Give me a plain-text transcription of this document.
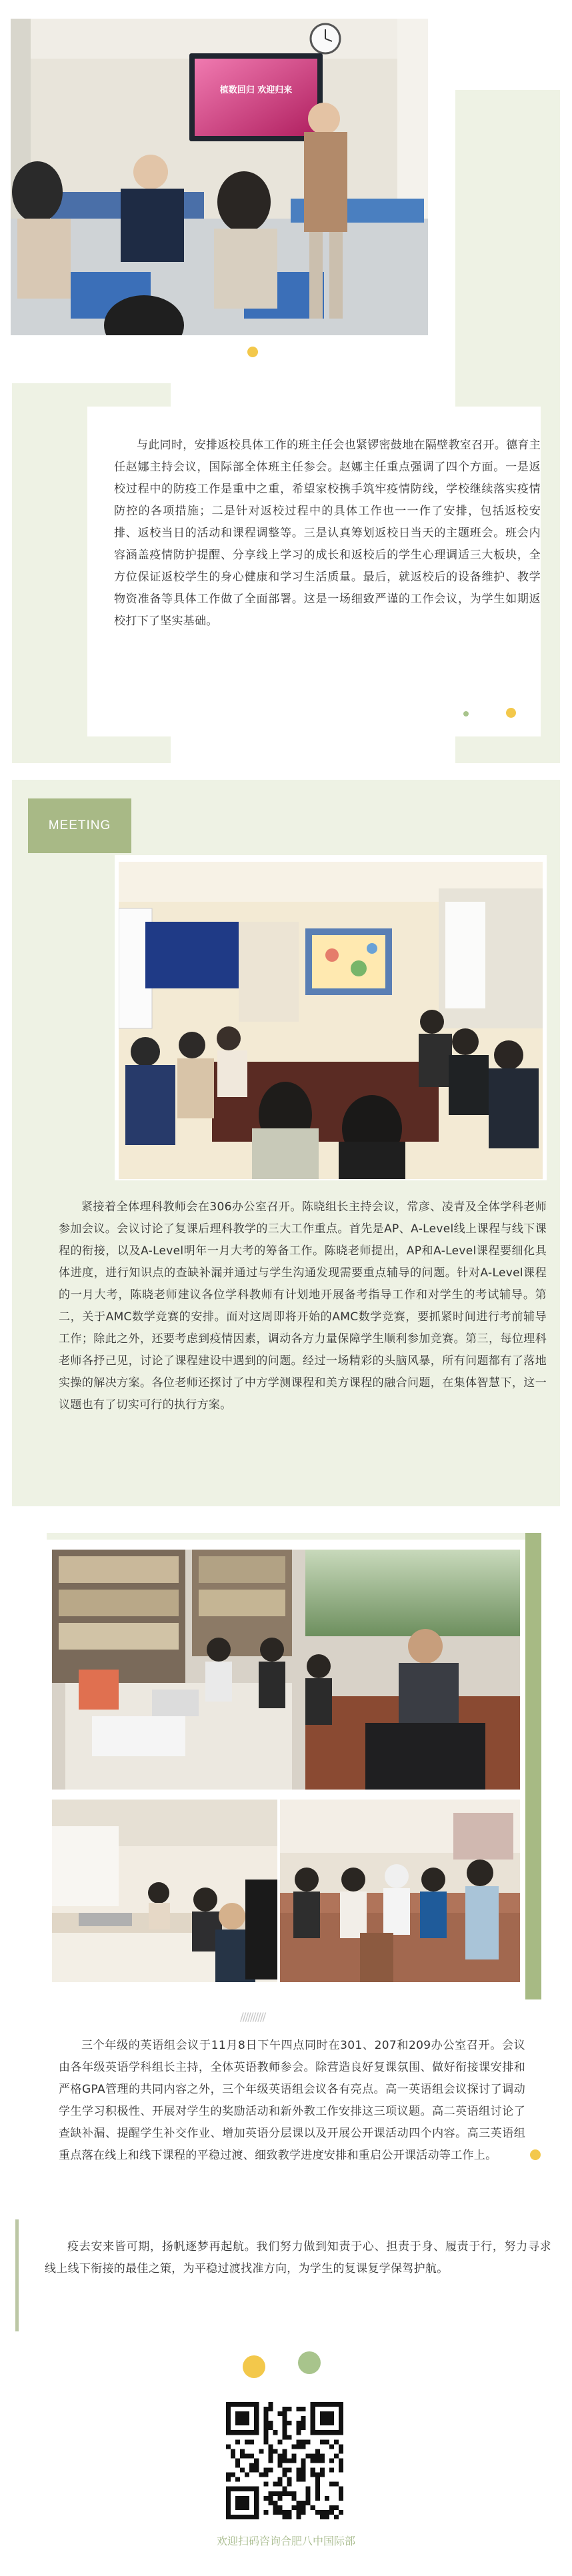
植数回归 欢迎归来
与此同时，安排返校具体工作的班主任会也紧锣密鼓地在隔壁教室召开。德育主任赵娜主持会议，国际部全体班主任参会。赵娜主任重点强调了四个方面。一是返校过程中的防疫工作是重中之重，希望家校携手筑牢疫情防线，学校继续落实疫情防控的各项措施；二是针对返校过程中的具体工作也一一作了安排，包括返校安排、返校当日的活动和课程调整等。三是认真筹划返校日当天的主题班会。班会内容涵盖疫情防护提醒、分享线上学习的成长和返校后的学生心理调适三大板块，全方位保证返校学生的身心健康和学习生活质量。最后，就返校后的设备维护、教学物资准备等具体工作做了全面部署。这是一场细致严谨的工作会议，为学生如期返校打下了坚实基础。
MEETING
紧接着全体理科教师会在306办公室召开。陈晓组长主持会议，常彦、凌青及全体学科老师参加会议。会议讨论了复课后理科教学的三大工作重点。首先是AP、A-Level线上课程与线下课程的衔接，以及A-Level明年一月大考的筹备工作。陈晓老师提出，AP和A-Level课程要细化具体进度，进行知识点的查缺补漏并通过与学生沟通发现需要重点辅导的问题。针对A-Level课程的一月大考，陈晓老师建议各位学科教师有计划地开展备考指导工作和对学生的考试辅导。第二，关于AMC数学竞赛的安排。面对这周即将开始的AMC数学竞赛，要抓紧时间进行考前辅导工作；除此之外，还要考虑到疫情因素，调动各方力量保障学生顺利参加竞赛。第三，每位理科老师各抒己见，讨论了课程建设中遇到的问题。经过一场精彩的头脑风暴，所有问题都有了落地实操的解决方案。各位老师还探讨了中方学测课程和美方课程的融合问题，在集体智慧下，这一议题也有了切实可行的执行方案。
//////////
三个年级的英语组会议于11月8日下午四点同时在301、207和209办公室召开。会议由各年级英语学科组长主持，全体英语教师参会。除营造良好复课氛围、做好衔接课安排和严格GPA管理的共同内容之外，三个年级英语组会议各有亮点。高一英语组会议探讨了调动学生学习积极性、开展对学生的奖励活动和新外教工作安排这三项议题。高二英语组讨论了查缺补漏、提醒学生补交作业、增加英语分层课以及开展公开课活动四个内容。高三英语组重点落在线上和线下课程的平稳过渡、细致教学进度安排和重启公开课活动等工作上。
疫去安来皆可期，扬帆逐梦再起航。我们努力做到知责于心、担责于身、履责于行，努力寻求线上线下衔接的最佳之策，为平稳过渡找准方向，为学生的复课复学保驾护航。
欢迎扫码咨询合肥八中国际部
